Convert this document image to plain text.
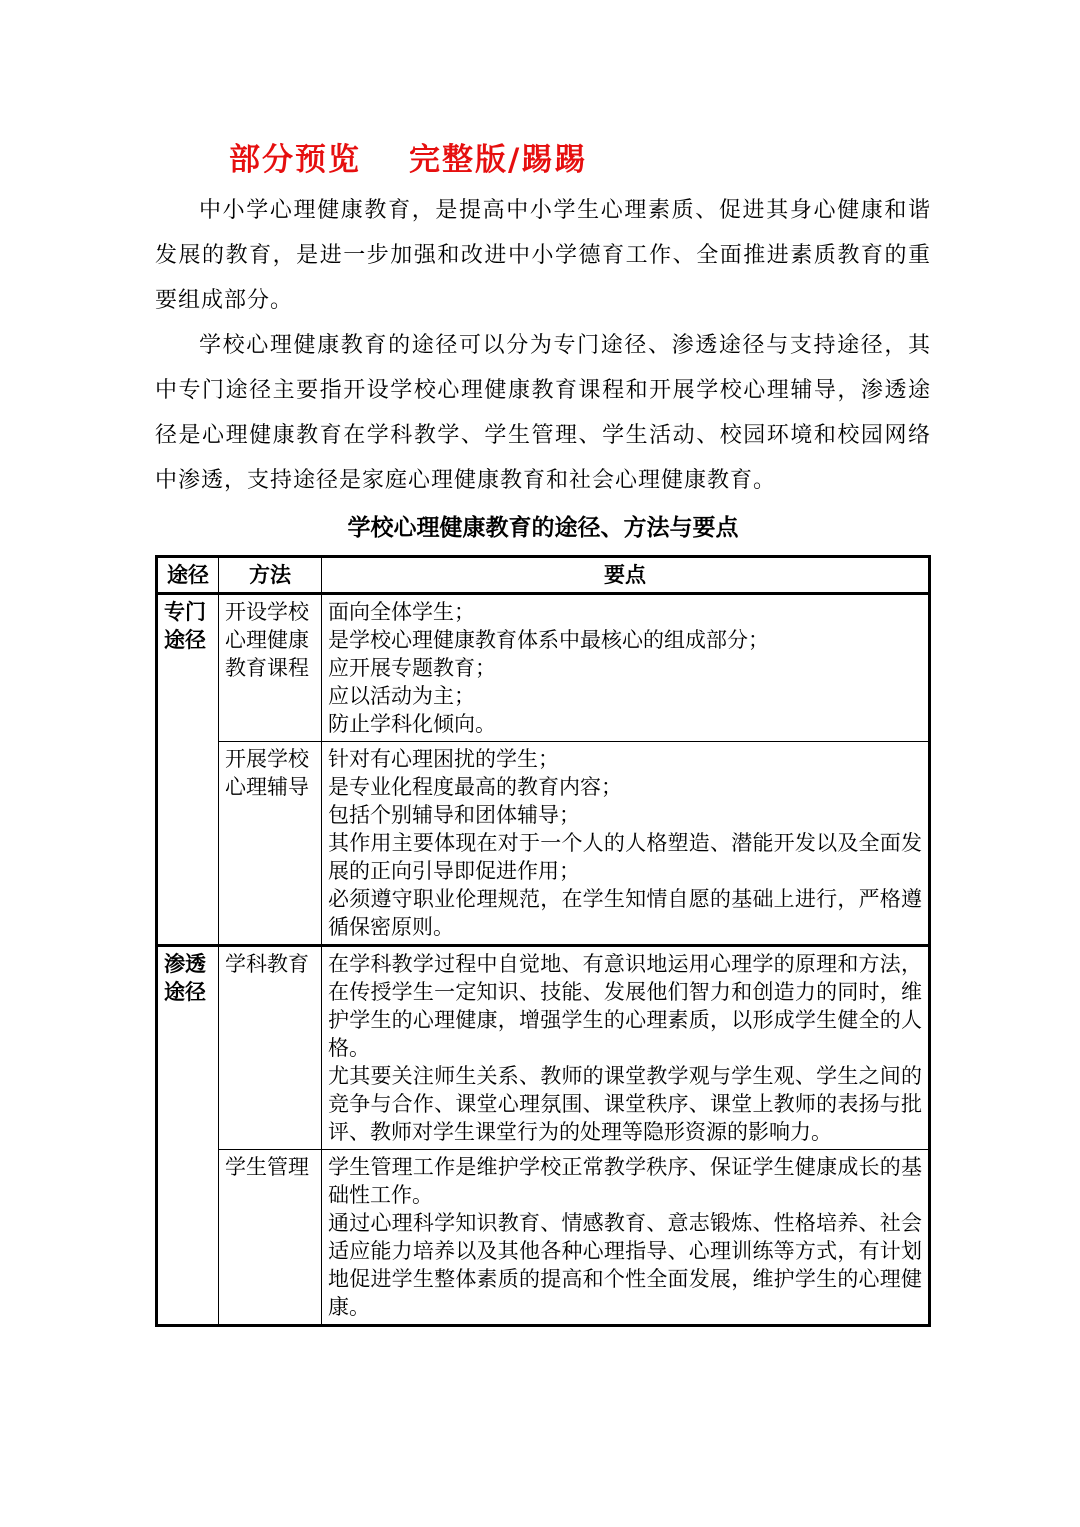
部分预览 完整版/踢踢

中小学心理健康教育，是提高中小学生心理素质、促进其身心健康和谐发展的教育，是进一步加强和改进中小学德育工作、全面推进素质教育的重要组成部分。

学校心理健康教育的途径可以分为专门途径、渗透途径与支持途径，其中专门途径主要指开设学校心理健康教育课程和开展学校心理辅导，渗透途径是心理健康教育在学科教学、学生管理、学生活动、校园环境和校园网络中渗透，支持途径是家庭心理健康教育和社会心理健康教育。

学校心理健康教育的途径、方法与要点
途径	方法	要点
专门途径	开设学校心理健康教育课程	面向全体学生；
是学校心理健康教育体系中最核心的组成部分；
应开展专题教育；
应以活动为主；
防止学科化倾向。

	开展学校心理辅导	针对有心理困扰的学生；
是专业化程度最高的教育内容；
包括个别辅导和团体辅导；
其作用主要体现在对于一个人的人格塑造、潜能开发以及全面发展的正向引导即促进作用；
必须遵守职业伦理规范，在学生知情自愿的基础上进行，严格遵循保密原则。

渗透途径	学科教育	在学科教学过程中自觉地、有意识地运用心理学的原理和方法，在传授学生一定知识、技能、发展他们智力和创造力的同时，维护学生的心理健康，增强学生的心理素质，以形成学生健全的人格。
尤其要关注师生关系、教师的课堂教学观与学生观、学生之间的竞争与合作、课堂心理氛围、课堂秩序、课堂上教师的表扬与批评、教师对学生课堂行为的处理等隐形资源的影响力。

	学生管理	学生管理工作是维护学校正常教学秩序、保证学生健康成长的基础性工作。
通过心理科学知识教育、情感教育、意志锻炼、性格培养、社会适应能力培养以及其他各种心理指导、心理训练等方式，有计划地促进学生整体素质的提高和个性全面发展，维护学生的心理健康。
